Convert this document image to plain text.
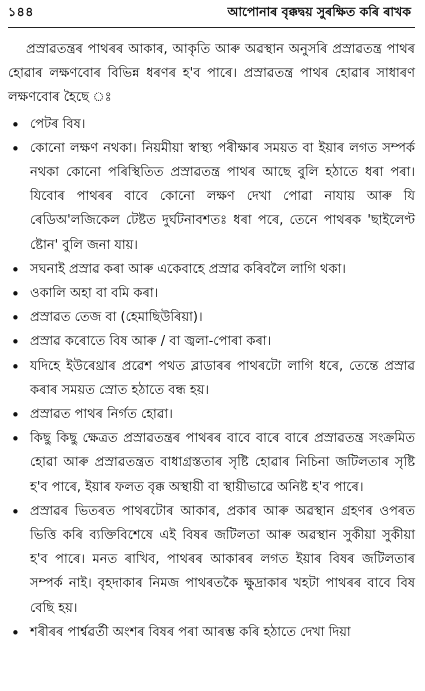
১৪৪	আপোনাৰ বৃক্কদ্বয় সুৰক্ষিত কৰি ৰাখক

প্ৰস্ৰাৱতন্ত্ৰৰ পাথৰৰ আকাৰ, আকৃতি আৰু অৱস্থান অনুসৰি প্ৰস্ৰাৱতন্ত্ৰ পাথৰ হোৱাৰ লক্ষণবোৰ বিভিন্ন ধৰণৰ হ'ব পাৰে। প্ৰস্ৰাৱতন্ত্ৰ পাথৰ হোৱাৰ সাধাৰণ লক্ষণবোৰ হৈছে ঃ

• পেটৰ বিষ।
• কোনো লক্ষণ নথকা। নিয়মীয়া স্বাস্থ্য পৰীক্ষাৰ সময়ত বা ইয়াৰ লগত সম্পৰ্ক নথকা কোনো পৰিস্থিতিত প্ৰস্ৰাৱতন্ত্ৰ পাথৰ আছে বুলি হঠাতে ধৰা পৰা। যিবোৰ পাথৰৰ বাবে কোনো লক্ষণ দেখা পোৱা নাযায় আৰু যি ৰেডিঅ'লজিকেল টেষ্টত দুৰ্ঘটনাবশতঃ ধৰা পৰে, তেনে পাথৰক 'ছাইলেণ্ট ষ্টোন' বুলি জনা যায়।
• সঘনাই প্ৰস্ৰাৱ কৰা আৰু একেবাহে প্ৰস্ৰাৱ কৰিবলৈ লাগি থকা।
• ওকালি অহা বা বমি কৰা।
• প্ৰস্ৰাৱত তেজ বা (হেমাছিউৰিয়া)।
• প্ৰস্ৰাৱ কৰোতে বিষ আৰু / বা জ্বলা-পোৰা কৰা।
• যদিহে ইউৰেথ্ৰাৰ প্ৰৱেশ পথত ব্লাডাৰৰ পাথৰটো লাগি ধৰে, তেন্তে প্ৰস্ৰাৱ কৰাৰ সময়ত স্ৰোত হঠাতে বন্ধ হয়।
• প্ৰস্ৰাৱত পাথৰ নিৰ্গত হোৱা।
• কিছু কিছু ক্ষেত্ৰত প্ৰস্ৰাৱতন্ত্ৰৰ পাথৰৰ বাবে বাৰে বাৰে প্ৰস্ৰাৱতন্ত্ৰ সংক্ৰমিত হোৱা আৰু প্ৰস্ৰাৱতন্ত্ৰত বাধাগ্ৰস্ততাৰ সৃষ্টি হোৱাৰ নিচিনা জটিলতাৰ সৃষ্টি হ'ব পাৰে, ইয়াৰ ফলত বৃক্ক অস্থায়ী বা স্থায়ীভাৱে অনিষ্ট হ'ব পাৰে।
• প্ৰস্ৰাৱৰ ভিতৰত পাথৰটোৰ আকাৰ, প্ৰকাৰ আৰু অৱস্থান গ্ৰহণৰ ওপৰত ভিত্তি কৰি ব্যক্তিবিশেষে এই বিষৰ জটিলতা আৰু অৱস্থান সুকীয়া সুকীয়া হ'ব পাৰে। মনত ৰাখিব, পাথৰৰ আকাৰৰ লগত ইয়াৰ বিষৰ জটিলতাৰ সম্পৰ্ক নাই। বৃহদাকাৰ নিমজ পাথৰতকৈ ক্ষুদ্ৰাকাৰ খহটা পাথৰৰ বাবে বিষ বেছি হয়।
• শৰীৰৰ পাৰ্শ্বৱৰ্তী অংশৰ বিষৰ পৰা আৰম্ভ কৰি হঠাতে দেখা দিয়া
